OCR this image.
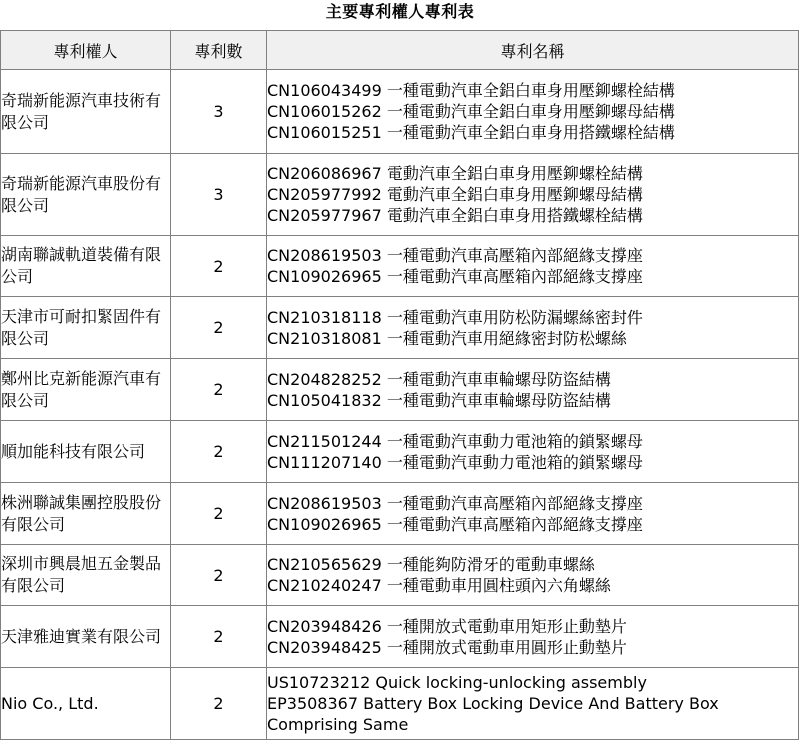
主要專利權人專利表
專利權人	專利數	專利名稱
奇瑞新能源汽車技術有限公司	3	CN106043499 一種電動汽車全鋁白車身用壓鉚螺栓結構
CN106015262 一種電動汽車全鋁白車身用壓鉚螺母結構
CN106015251 一種電動汽車全鋁白車身用搭鐵螺栓結構

奇瑞新能源汽車股份有限公司	3	CN206086967 電動汽車全鋁白車身用壓鉚螺栓結構
CN205977992 電動汽車全鋁白車身用壓鉚螺母結構
CN205977967 電動汽車全鋁白車身用搭鐵螺栓結構

湖南聯誠軌道裝備有限公司	2	CN208619503 一種電動汽車高壓箱內部絕緣支撐座
CN109026965 一種電動汽車高壓箱內部絕緣支撐座

天津市可耐扣緊固件有限公司	2	CN210318118 一種電動汽車用防松防漏螺絲密封件
CN210318081 一種電動汽車用絕緣密封防松螺絲

鄭州比克新能源汽車有限公司	2	CN204828252 一種電動汽車車輪螺母防盜結構
CN105041832 一種電動汽車車輪螺母防盜結構

順加能科技有限公司	2	CN211501244 一種電動汽車動力電池箱的鎖緊螺母
CN111207140 一種電動汽車動力電池箱的鎖緊螺母

株洲聯誠集團控股股份有限公司	2	CN208619503 一種電動汽車高壓箱內部絕緣支撐座
CN109026965 一種電動汽車高壓箱內部絕緣支撐座

深圳市興晨旭五金製品有限公司	2	CN210565629 一種能夠防滑牙的電動車螺絲
CN210240247 一種電動車用圓柱頭內六角螺絲

天津雅迪實業有限公司	2	CN203948426 一種開放式電動車用矩形止動墊片
CN203948425 一種開放式電動車用圓形止動墊片

Nio Co., Ltd.	2	US10723212 Quick locking-unlocking assembly
EP3508367 Battery Box Locking Device And Battery Box Comprising Same
